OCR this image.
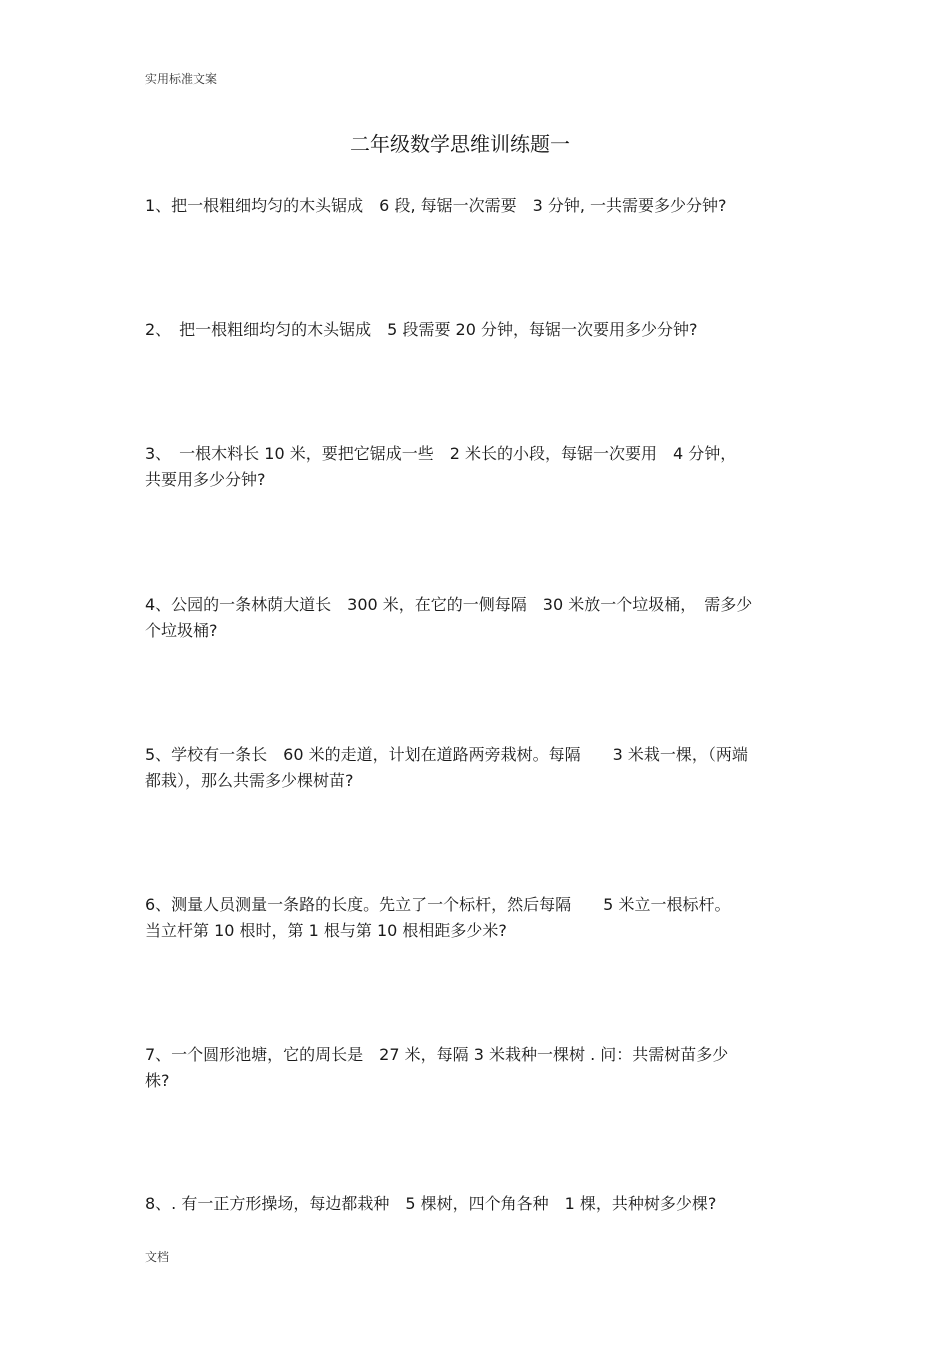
实用标准文案
二年级数学思维训练题一
1、把一根粗细均匀的木头锯成　6 段, 每锯一次需要　3 分钟, 一共需要多少分钟?
2、　把一根粗细均匀的木头锯成　5 段需要 20 分钟，每锯一次要用多少分钟?
3、　一根木料长 10 米，要把它锯成一些　2 米长的小段，每锯一次要用　4 分钟，
共要用多少分钟?
4、公园的一条林荫大道长　300 米，在它的一侧每隔　30 米放一个垃圾桶，　需多少
个垃圾桶?
5、学校有一条长　60 米的走道，计划在道路两旁栽树。每隔　　3 米栽一棵，（两端
都栽），那么共需多少棵树苗?
6、测量人员测量一条路的长度。先立了一个标杆，然后每隔　　5 米立一根标杆。
当立杆第 10 根时，第 1 根与第 10 根相距多少米?
7、一个圆形池塘，它的周长是　27 米，每隔 3 米栽种一棵树 . 问：共需树苗多少
株?
8、. 有一正方形操场，每边都栽种　5 棵树，四个角各种　1 棵，共种树多少棵?
文档
